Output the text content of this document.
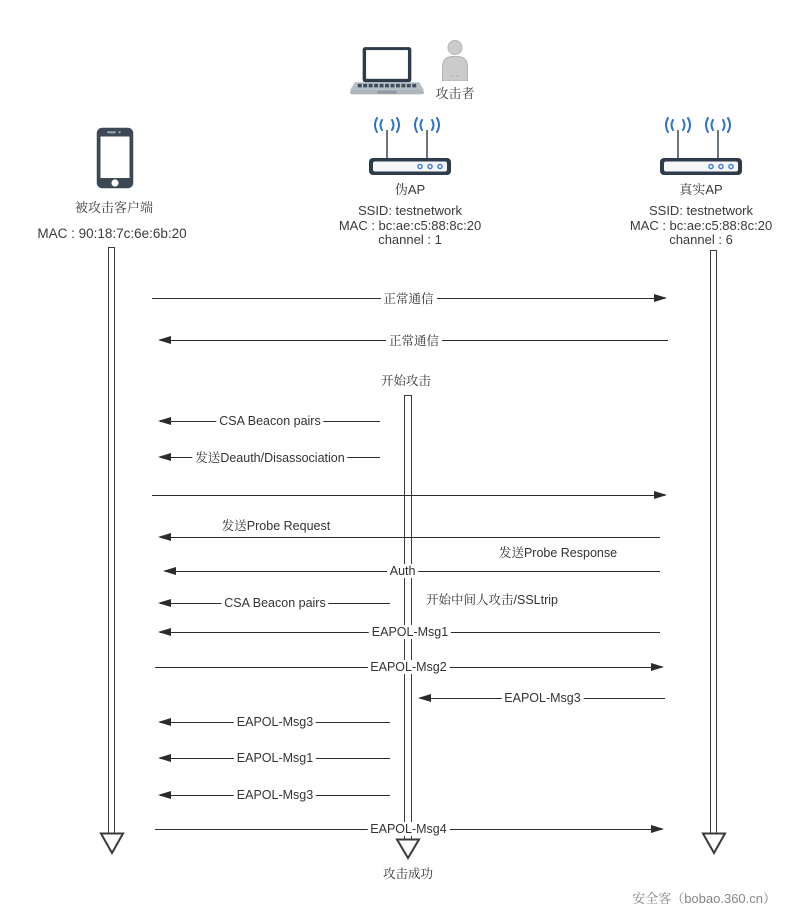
攻击者
被攻击客户端
MAC : 90:18:7c:6e:6b:20
伪AP
SSID: testnetwork
MAC : bc:ae:c5:88:8c:20
channel : 1
开始攻击
攻击成功
真实AP
SSID: testnetwork
MAC : bc:ae:c5:88:8c:20
channel : 6
正常通信
正常通信
CSA Beacon pairs
发送Deauth/Disassociation
发送Probe Request
发送Probe Response
Auth
CSA Beacon pairs	开始中间人攻击/SSLtrip
EAPOL-Msg1
EAPOL-Msg2
EAPOL-Msg3
EAPOL-Msg3
EAPOL-Msg1
EAPOL-Msg3
EAPOL-Msg4
安全客（bobao.360.cn）
